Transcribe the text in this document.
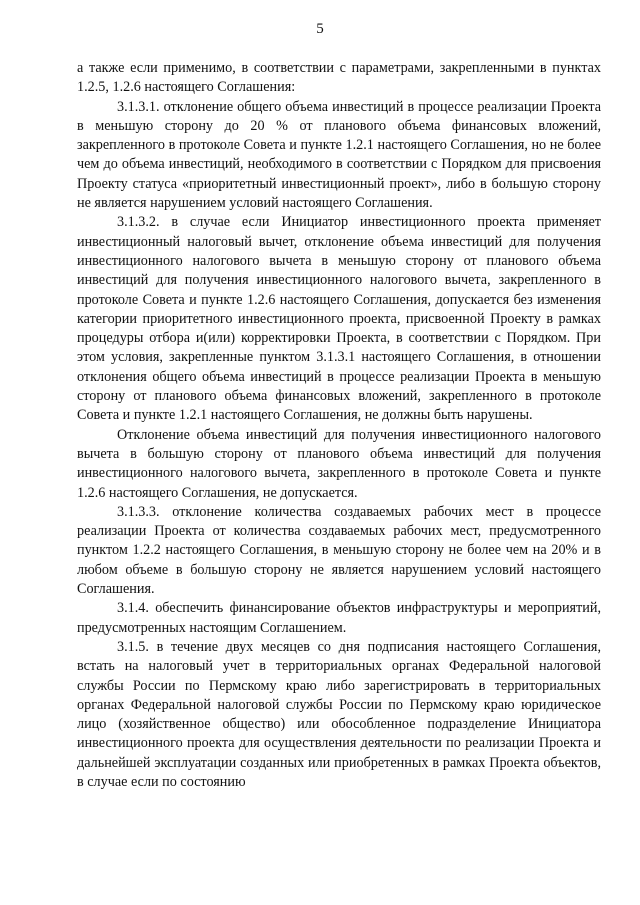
5

а также если применимо, в соответствии с параметрами, закрепленными в пунктах 1.2.5, 1.2.6 настоящего Соглашения:

3.1.3.1. отклонение общего объема инвестиций в процессе реализации Проекта в меньшую сторону до 20 % от планового объема финансовых вложений, закрепленного в протоколе Совета и пункте 1.2.1 настоящего Соглашения, но не более чем до объема инвестиций, необходимого в соответствии с Порядком для присвоения Проекту статуса «приоритетный инвестиционный проект», либо в большую сторону не является нарушением условий настоящего Соглашения.

3.1.3.2. в случае если Инициатор инвестиционного проекта применяет инвестиционный налоговый вычет, отклонение объема инвестиций для получения инвестиционного налогового вычета в меньшую сторону от планового объема инвестиций для получения инвестиционного налогового вычета, закрепленного в протоколе Совета и пункте 1.2.6 настоящего Соглашения, допускается без изменения категории приоритетного инвестиционного проекта, присвоенной Проекту в рамках процедуры отбора и(или) корректировки Проекта, в соответствии с Порядком. При этом условия, закрепленные пунктом 3.1.3.1 настоящего Соглашения, в отношении отклонения общего объема инвестиций в процессе реализации Проекта в меньшую сторону от планового объема финансовых вложений, закрепленного в протоколе Совета и пункте 1.2.1 настоящего Соглашения, не должны быть нарушены.

Отклонение объема инвестиций для получения инвестиционного налогового вычета в большую сторону от планового объема инвестиций для получения инвестиционного налогового вычета, закрепленного в протоколе Совета и пункте 1.2.6 настоящего Соглашения, не допускается.

3.1.3.3. отклонение количества создаваемых рабочих мест в процессе реализации Проекта от количества создаваемых рабочих мест, предусмотренного пунктом 1.2.2 настоящего Соглашения, в меньшую сторону не более чем на 20% и в любом объеме в большую сторону не является нарушением условий настоящего Соглашения.

3.1.4. обеспечить финансирование объектов инфраструктуры и мероприятий, предусмотренных настоящим Соглашением.

3.1.5. в течение двух месяцев со дня подписания настоящего Соглашения, встать на налоговый учет в территориальных органах Федеральной налоговой службы России по Пермскому краю либо зарегистрировать в территориальных органах Федеральной налоговой службы России по Пермскому краю юридическое лицо (хозяйственное общество) или обособленное подразделение Инициатора инвестиционного проекта для осуществления деятельности по реализации Проекта и дальнейшей эксплуатации созданных или приобретенных в рамках Проекта объектов, в случае если по состоянию
